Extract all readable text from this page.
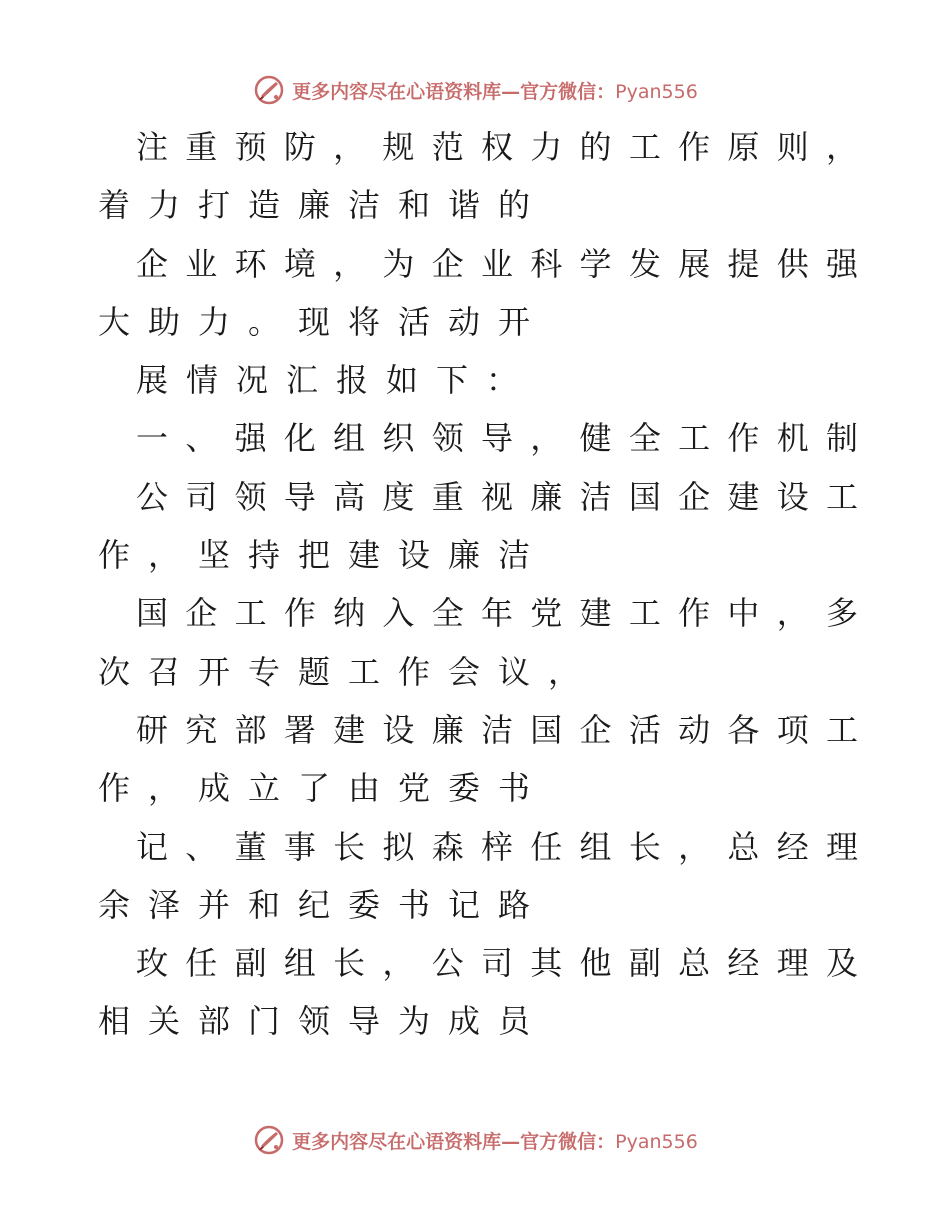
更多内容尽在心语资料库—官方微信：Pyan556
注重预防，规范权力的工作原则，
着力打造廉洁和谐的
企业环境，为企业科学发展提供强
大助力。现将活动开
展情况汇报如下：
一、强化组织领导，健全工作机制
公司领导高度重视廉洁国企建设工
作，坚持把建设廉洁
国企工作纳入全年党建工作中，多
次召开专题工作会议，
研究部署建设廉洁国企活动各项工
作，成立了由党委书
记、董事长拟森梓任组长，总经理
余泽并和纪委书记路
玫任副组长，公司其他副总经理及
相关部门领导为成员
更多内容尽在心语资料库—官方微信：Pyan556
